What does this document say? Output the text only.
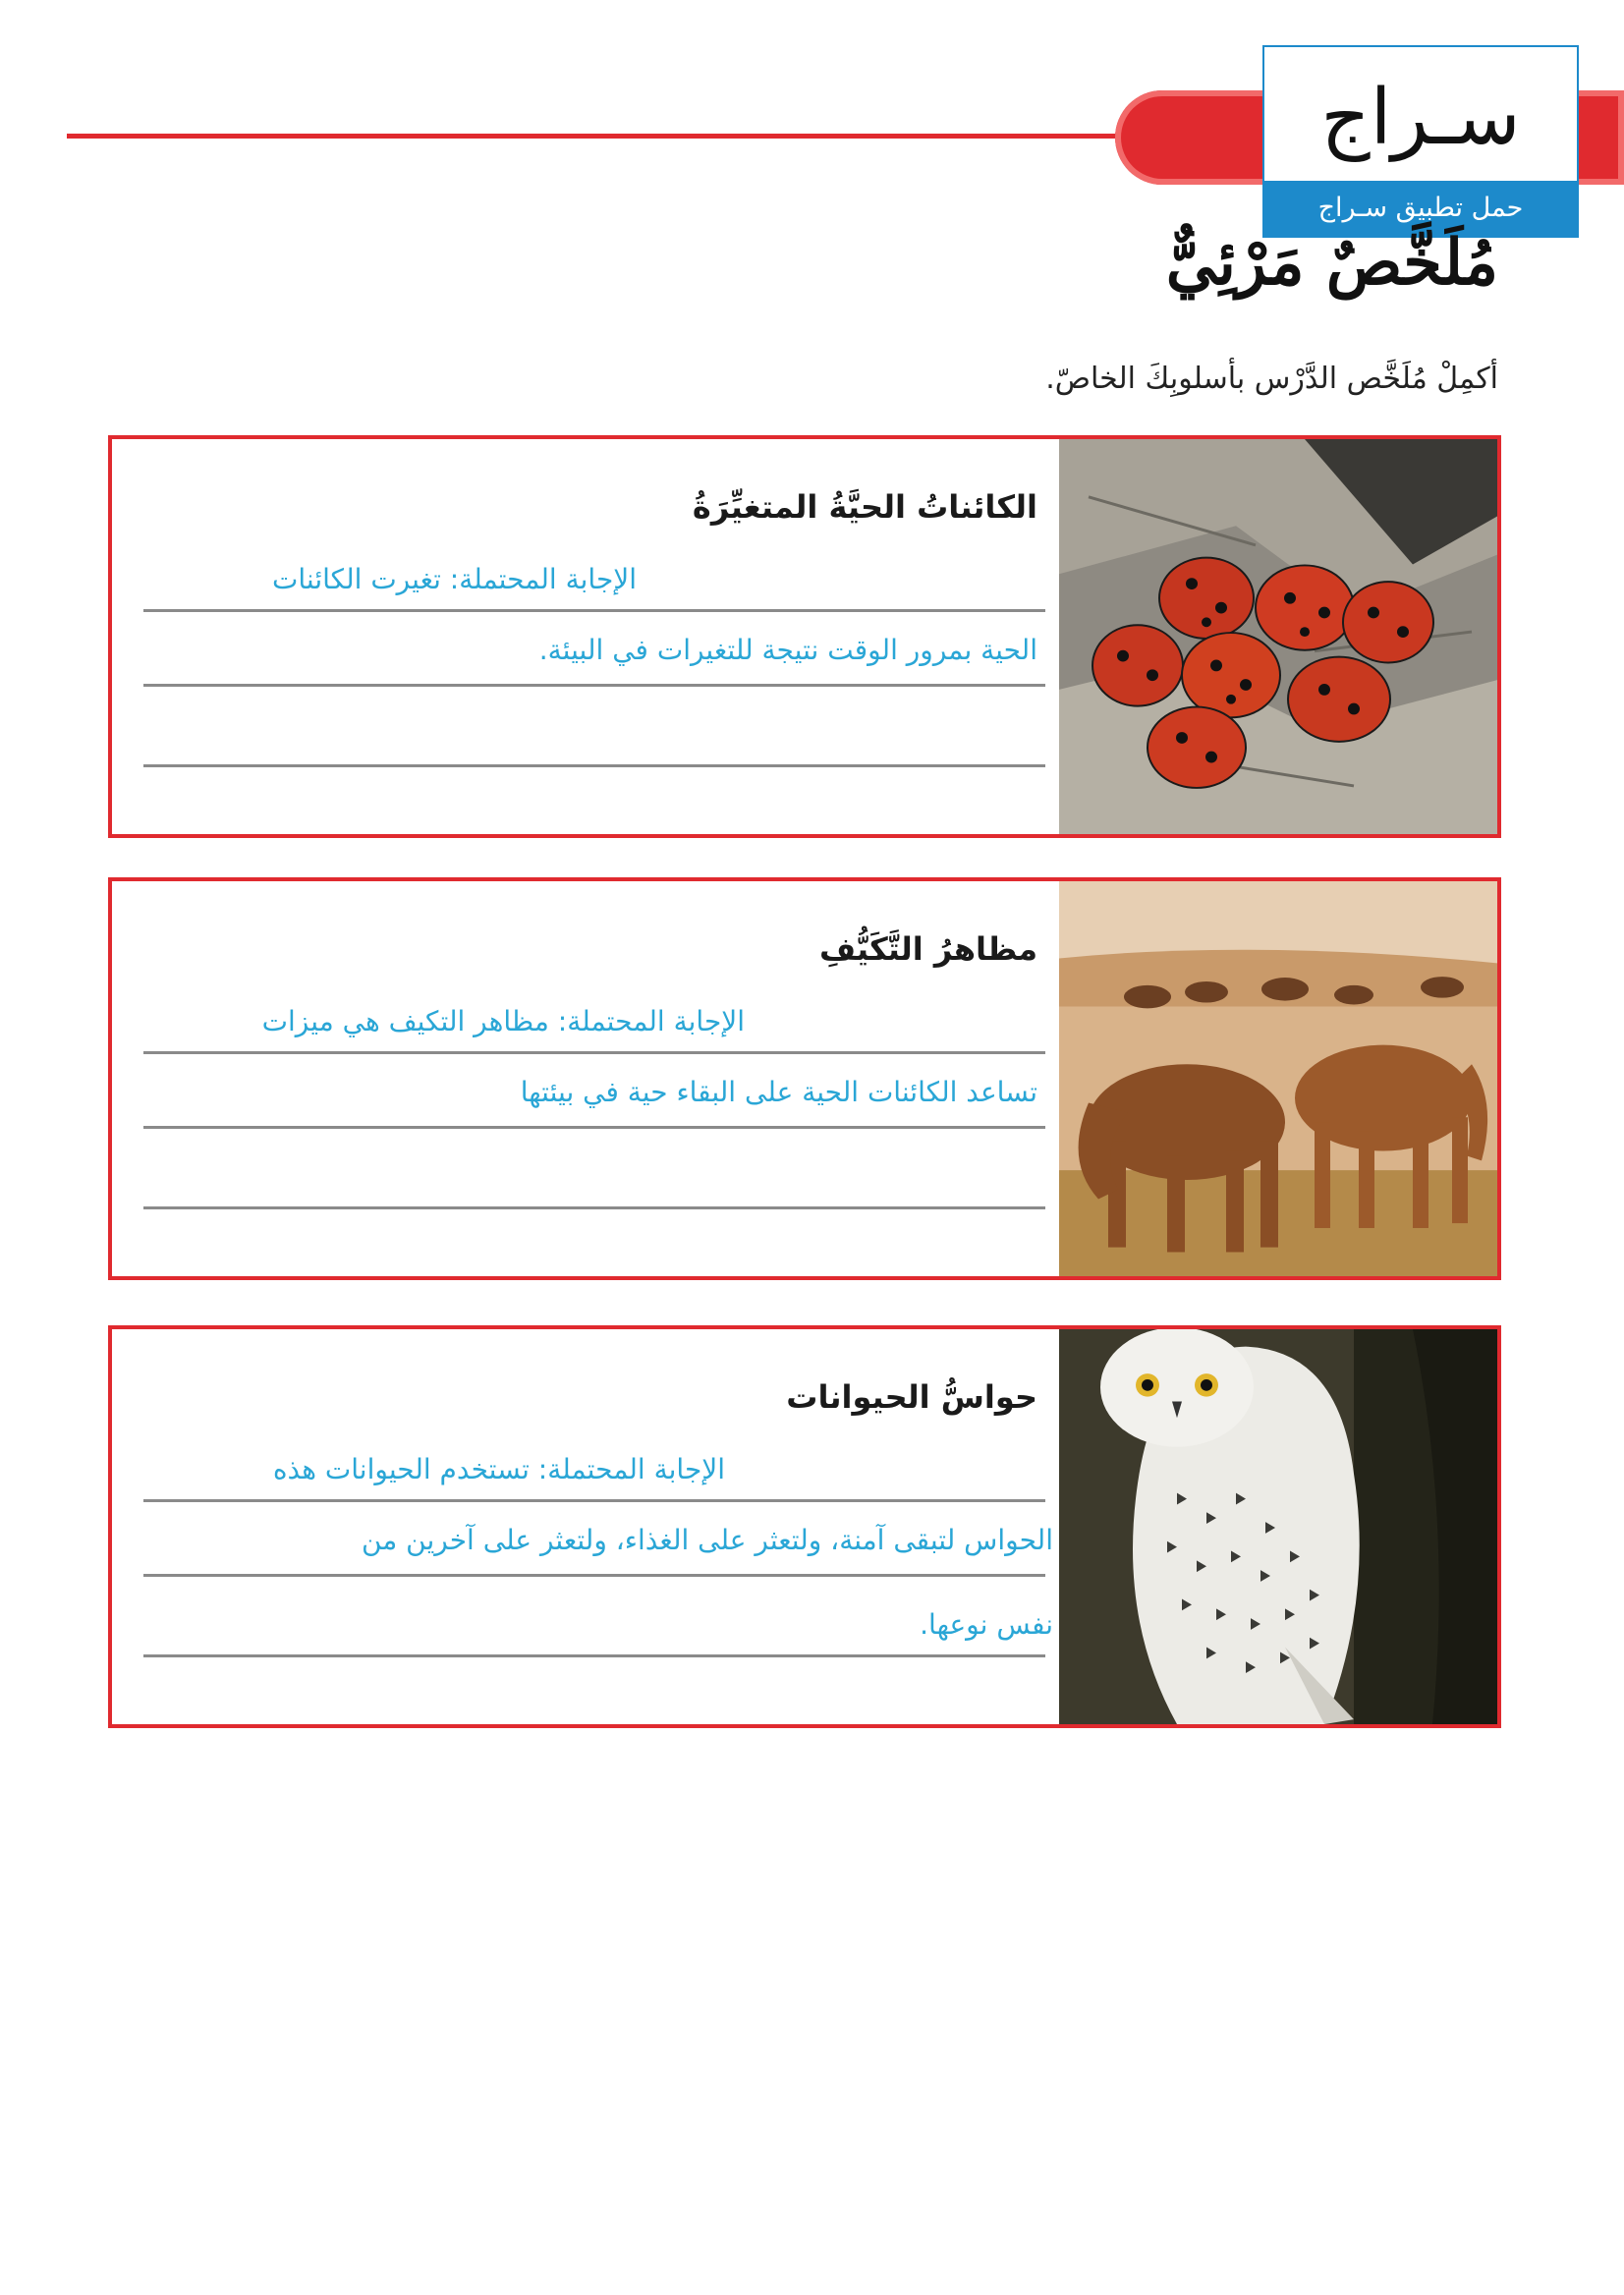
سـراج
حمل تطبيق سـراج
مُلَخَّصٌ مَرْئِيٌّ
أكمِلْ مُلَخَّص الدَّرْس بأسلوبِكَ الخاصّ.
الكائناتُ الحيَّةُ المتغيِّرَةُ
الإجابة المحتملة: تغيرت الكائنات
الحية بمرور الوقت نتيجة للتغيرات في البيئة.
مظاهرُ التَّكَيُّفِ
الإجابة المحتملة: مظاهر التكيف هي ميزات
تساعد الكائنات الحية على البقاء حية في بيئتها
حواسُّ الحيوانات
الإجابة المحتملة: تستخدم الحيوانات هذه
الحواس لتبقى آمنة، ولتعثر على الغذاء، ولتعثر على آخرين من
نفس نوعها.
